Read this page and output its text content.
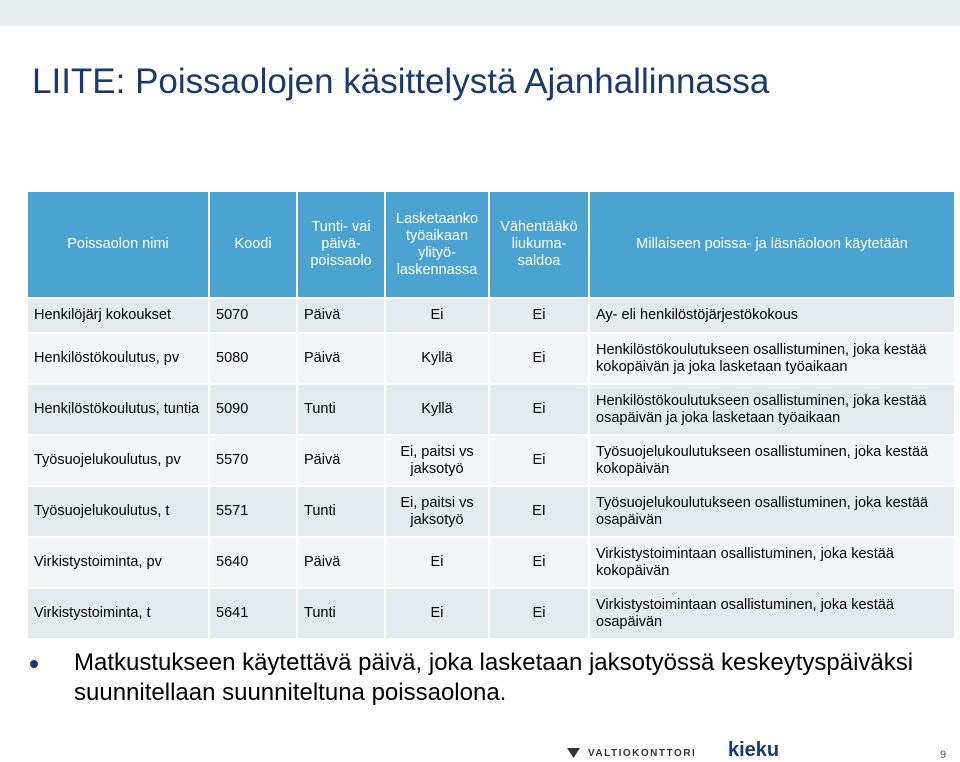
LIITE: Poissaolojen käsittelystä Ajanhallinnassa
Poissaolon nimi	Koodi	Tunti- vai päivä-poissaolo	Lasketaanko työaikaan ylityö-laskennassa	Vähentääkö liukuma-saldoa	Millaiseen poissa- ja läsnäoloon käytetään
Henkilöjärj kokoukset	5070	Päivä	Ei	Ei	Ay- eli henkilöstöjärjestökokous
Henkilöstökoulutus, pv	5080	Päivä	Kyllä	Ei	Henkilöstökoulutukseen osallistuminen, joka kestää kokopäivän ja joka lasketaan työaikaan
Henkilöstökoulutus, tuntia	5090	Tunti	Kyllä	Ei	Henkilöstökoulutukseen osallistuminen, joka kestää osapäivän ja joka lasketaan työaikaan
Työsuojelukoulutus, pv	5570	Päivä	Ei, paitsi vs jaksotyö	Ei	Työsuojelukoulutukseen osallistuminen, joka kestää kokopäivän
Työsuojelukoulutus, t	5571	Tunti	Ei, paitsi vs jaksotyö	EI	Työsuojelukoulutukseen osallistuminen, joka kestää osapäivän
Virkistystoiminta, pv	5640	Päivä	Ei	Ei	Virkistystoimintaan osallistuminen, joka kestää kokopäivän
Virkistystoiminta, t	5641	Tunti	Ei	Ei	Virkistystoimintaan osallistuminen, joka kestää osapäivän
Matkustukseen käytettävä päivä, joka lasketaan jaksotyössä keskeytyspäiväksi suunnitellaan suunniteltuna poissaolona.
VALTIOKONTTORI kieku	9
